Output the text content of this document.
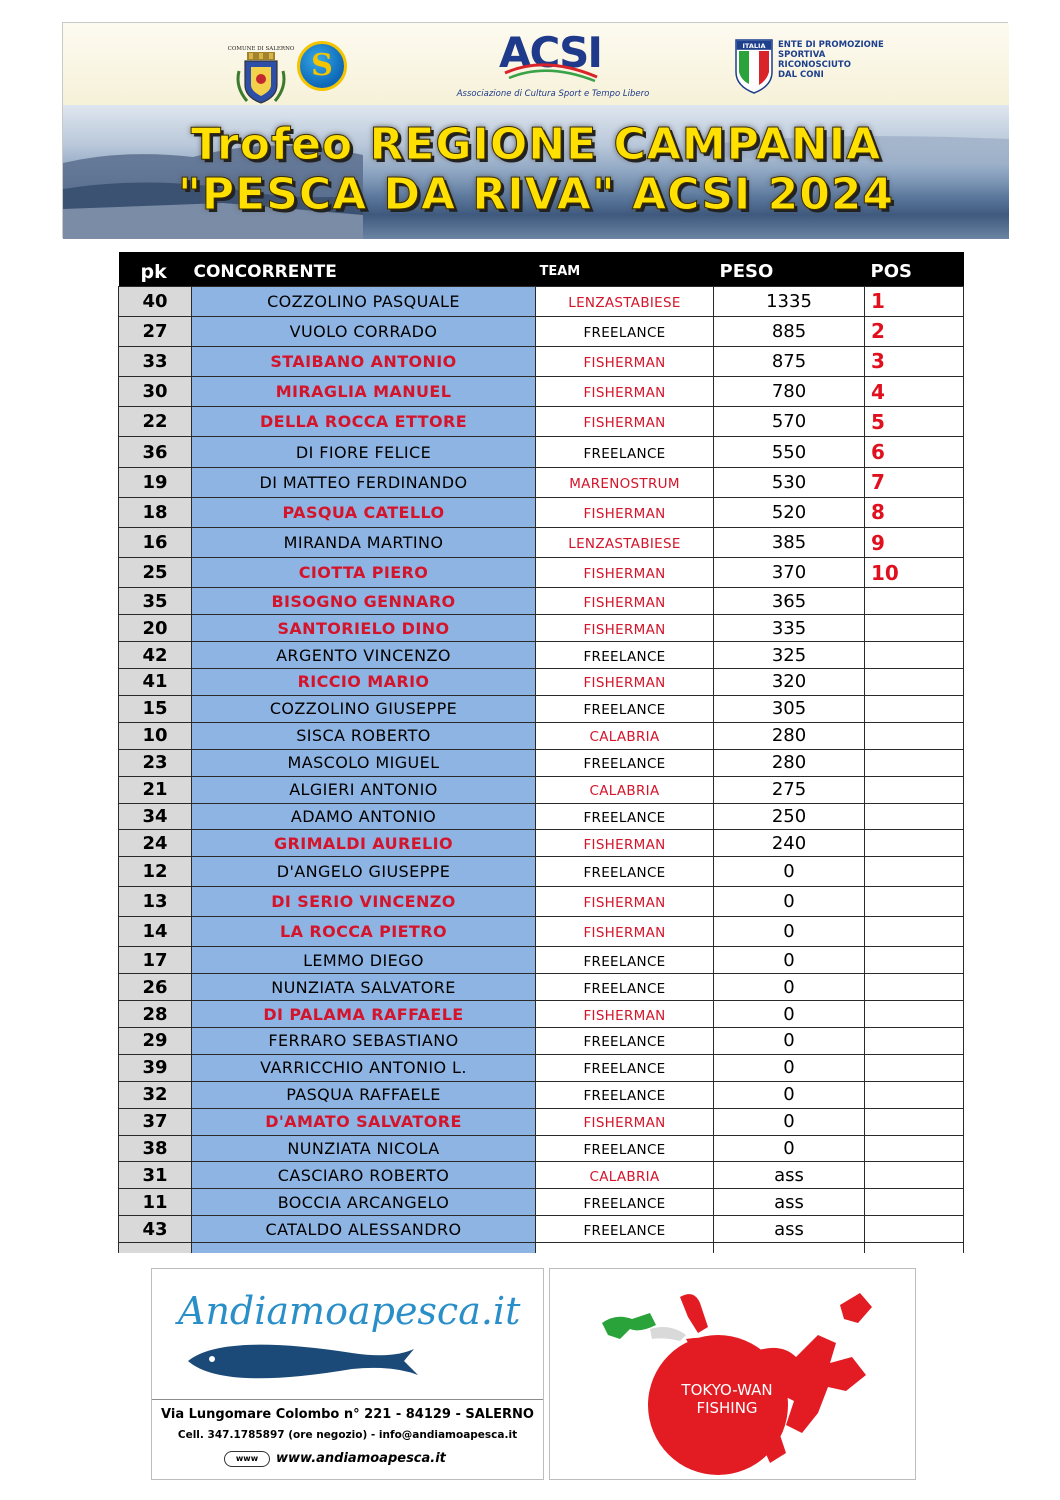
COMUNE DI SALERNO S	ACSI
Associazione di Cultura Sport e Tempo Libero
ITALIA ENTE DI PROMOZIONE
SPORTIVA
RICONOSCIUTO
DAL CONI
Trofeo REGIONE CAMPANIA
"PESCA DA RIVA" ACSI 2024
pk	CONCORRENTE	TEAM	PESO	POS
40	COZZOLINO PASQUALE	LENZASTABIESE	1335	1
27	VUOLO CORRADO	FREELANCE	885	2
33	STAIBANO ANTONIO	FISHERMAN	875	3
30	MIRAGLIA MANUEL	FISHERMAN	780	4
22	DELLA ROCCA ETTORE	FISHERMAN	570	5
36	DI FIORE FELICE	FREELANCE	550	6
19	DI MATTEO FERDINANDO	MARENOSTRUM	530	7
18	PASQUA CATELLO	FISHERMAN	520	8
16	MIRANDA MARTINO	LENZASTABIESE	385	9
25	CIOTTA PIERO	FISHERMAN	370	10
35	BISOGNO GENNARO	FISHERMAN	365	
20	SANTORIELO DINO	FISHERMAN	335	
42	ARGENTO VINCENZO	FREELANCE	325	
41	RICCIO MARIO	FISHERMAN	320	
15	COZZOLINO GIUSEPPE	FREELANCE	305	
10	SISCA ROBERTO	CALABRIA	280	
23	MASCOLO MIGUEL	FREELANCE	280	
21	ALGIERI ANTONIO	CALABRIA	275	
34	ADAMO ANTONIO	FREELANCE	250	
24	GRIMALDI AURELIO	FISHERMAN	240	
12	D'ANGELO GIUSEPPE	FREELANCE	0	
13	DI SERIO VINCENZO	FISHERMAN	0	
14	LA ROCCA PIETRO	FISHERMAN	0	
17	LEMMO DIEGO	FREELANCE	0	
26	NUNZIATA SALVATORE	FREELANCE	0	
28	DI PALAMA RAFFAELE	FISHERMAN	0	
29	FERRARO SEBASTIANO	FREELANCE	0	
39	VARRICCHIO ANTONIO L.	FREELANCE	0	
32	PASQUA RAFFAELE	FREELANCE	0	
37	D'AMATO SALVATORE	FISHERMAN	0	
38	NUNZIATA NICOLA	FREELANCE	0	
31	CASCIARO ROBERTO	CALABRIA	ass	
11	BOCCIA ARCANGELO	FREELANCE	ass	
43	CATALDO ALESSANDRO	FREELANCE	ass	

Andiamoapesca.it
Via Lungomare Colombo n° 221 - 84129 - SALERNO
Cell. 347.1785897 (ore negozio) - info@andiamoapesca.it
www	www.andiamoapesca.it
TOKYO-WAN
FISHING
